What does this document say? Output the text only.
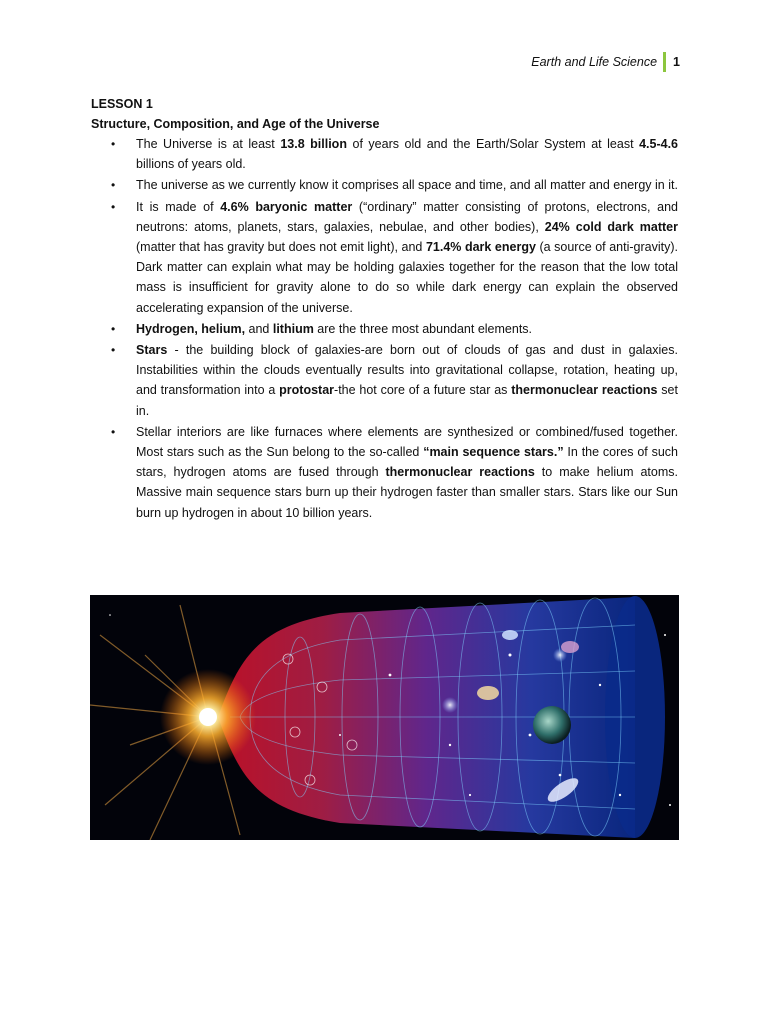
Earth and Life Science 1
LESSON 1
Structure, Composition, and Age of the Universe
• The Universe is at least 13.8 billion of years old and the Earth/Solar System at least 4.5-4.6 billions of years old.
• The universe as we currently know it comprises all space and time, and all matter and energy in it.
• It is made of 4.6% baryonic matter (“ordinary” matter consisting of protons, electrons, and neutrons: atoms, planets, stars, galaxies, nebulae, and other bodies), 24% cold dark matter (matter that has gravity but does not emit light), and 71.4% dark energy (a source of anti-gravity). Dark matter can explain what may be holding galaxies together for the reason that the low total mass is insufficient for gravity alone to do so while dark energy can explain the observed accelerating expansion of the universe.
• Hydrogen, helium, and lithium are the three most abundant elements.
• Stars - the building block of galaxies-are born out of clouds of gas and dust in galaxies. Instabilities within the clouds eventually results into gravitational collapse, rotation, heating up, and transformation into a protostar-the hot core of a future star as thermonuclear reactions set in.
• Stellar interiors are like furnaces where elements are synthesized or combined/fused together. Most stars such as the Sun belong to the so-called “main sequence stars.” In the cores of such stars, hydrogen atoms are fused through thermonuclear reactions to make helium atoms. Massive main sequence stars burn up their hydrogen faster than smaller stars. Stars like our Sun burn up hydrogen in about 10 billion years.
